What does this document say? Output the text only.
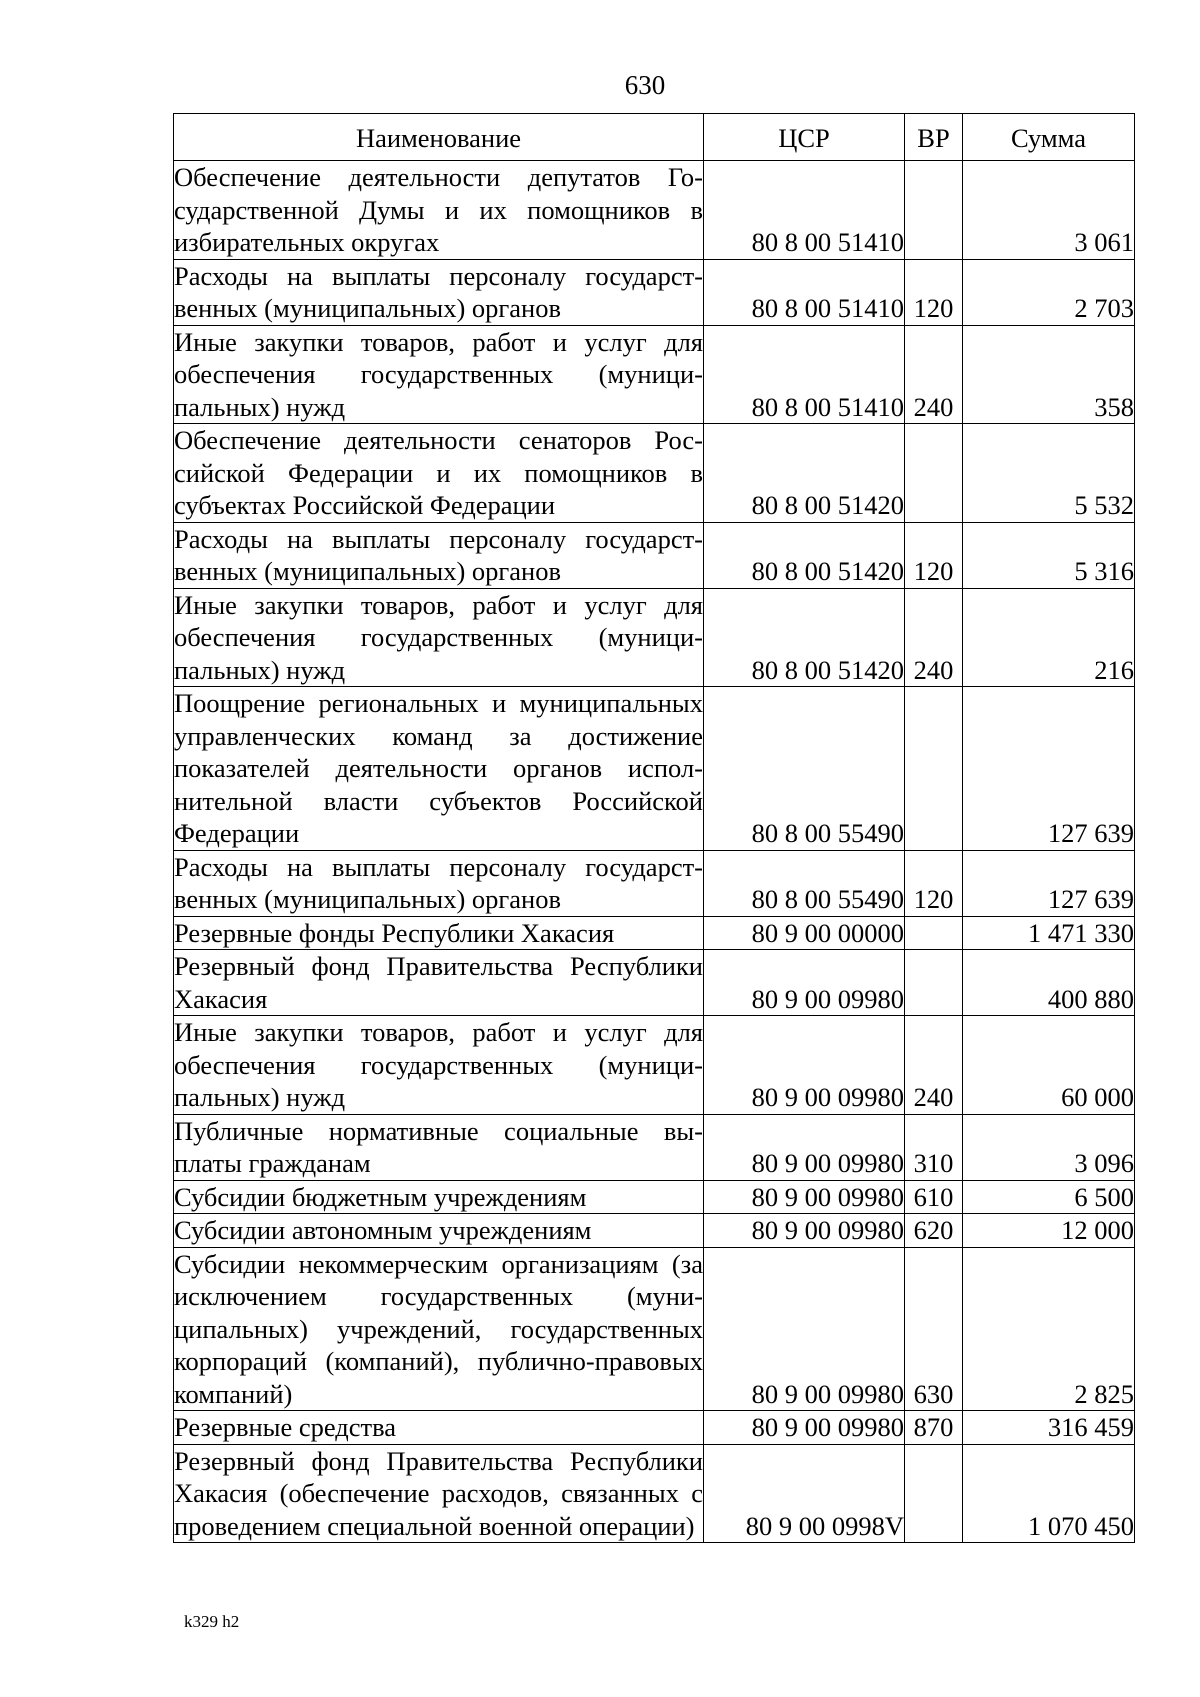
630
Наименование	ЦСР	ВР	Сумма
Обеспечение деятельности депутатов Государственной Думы и их помощников в избирательных округах	80 8 00 51410		3 061
Расходы на выплаты персоналу государственных (муниципальных) органов	80 8 00 51410	120	2 703
Иные закупки товаров, работ и услуг для обеспечения государственных (муниципальных) нужд	80 8 00 51410	240	358
Обеспечение деятельности сенаторов Российской Федерации и их помощников в субъектах Российской Федерации	80 8 00 51420		5 532
Расходы на выплаты персоналу государственных (муниципальных) органов	80 8 00 51420	120	5 316
Иные закупки товаров, работ и услуг для обеспечения государственных (муниципальных) нужд	80 8 00 51420	240	216
Поощрение региональных и муниципальных управленческих команд за достижение показателей деятельности органов исполнительной власти субъектов Российской Федерации	80 8 00 55490		127 639
Расходы на выплаты персоналу государственных (муниципальных) органов	80 8 00 55490	120	127 639
Резервные фонды Республики Хакасия	80 9 00 00000		1 471 330
Резервный фонд Правительства Республики Хакасия	80 9 00 09980		400 880
Иные закупки товаров, работ и услуг для обеспечения государственных (муниципальных) нужд	80 9 00 09980	240	60 000
Публичные нормативные социальные выплаты гражданам	80 9 00 09980	310	3 096
Субсидии бюджетным учреждениям	80 9 00 09980	610	6 500
Субсидии автономным учреждениям	80 9 00 09980	620	12 000
Субсидии некоммерческим организациям (за исключением государственных (муниципальных) учреждений, государственных корпораций (компаний), публично-правовых компаний)	80 9 00 09980	630	2 825
Резервные средства	80 9 00 09980	870	316 459
Резервный фонд Правительства Республики Хакасия (обеспечение расходов, связанных с проведением специальной военной операции)	80 9 00 0998V		1 070 450
k329 h2
